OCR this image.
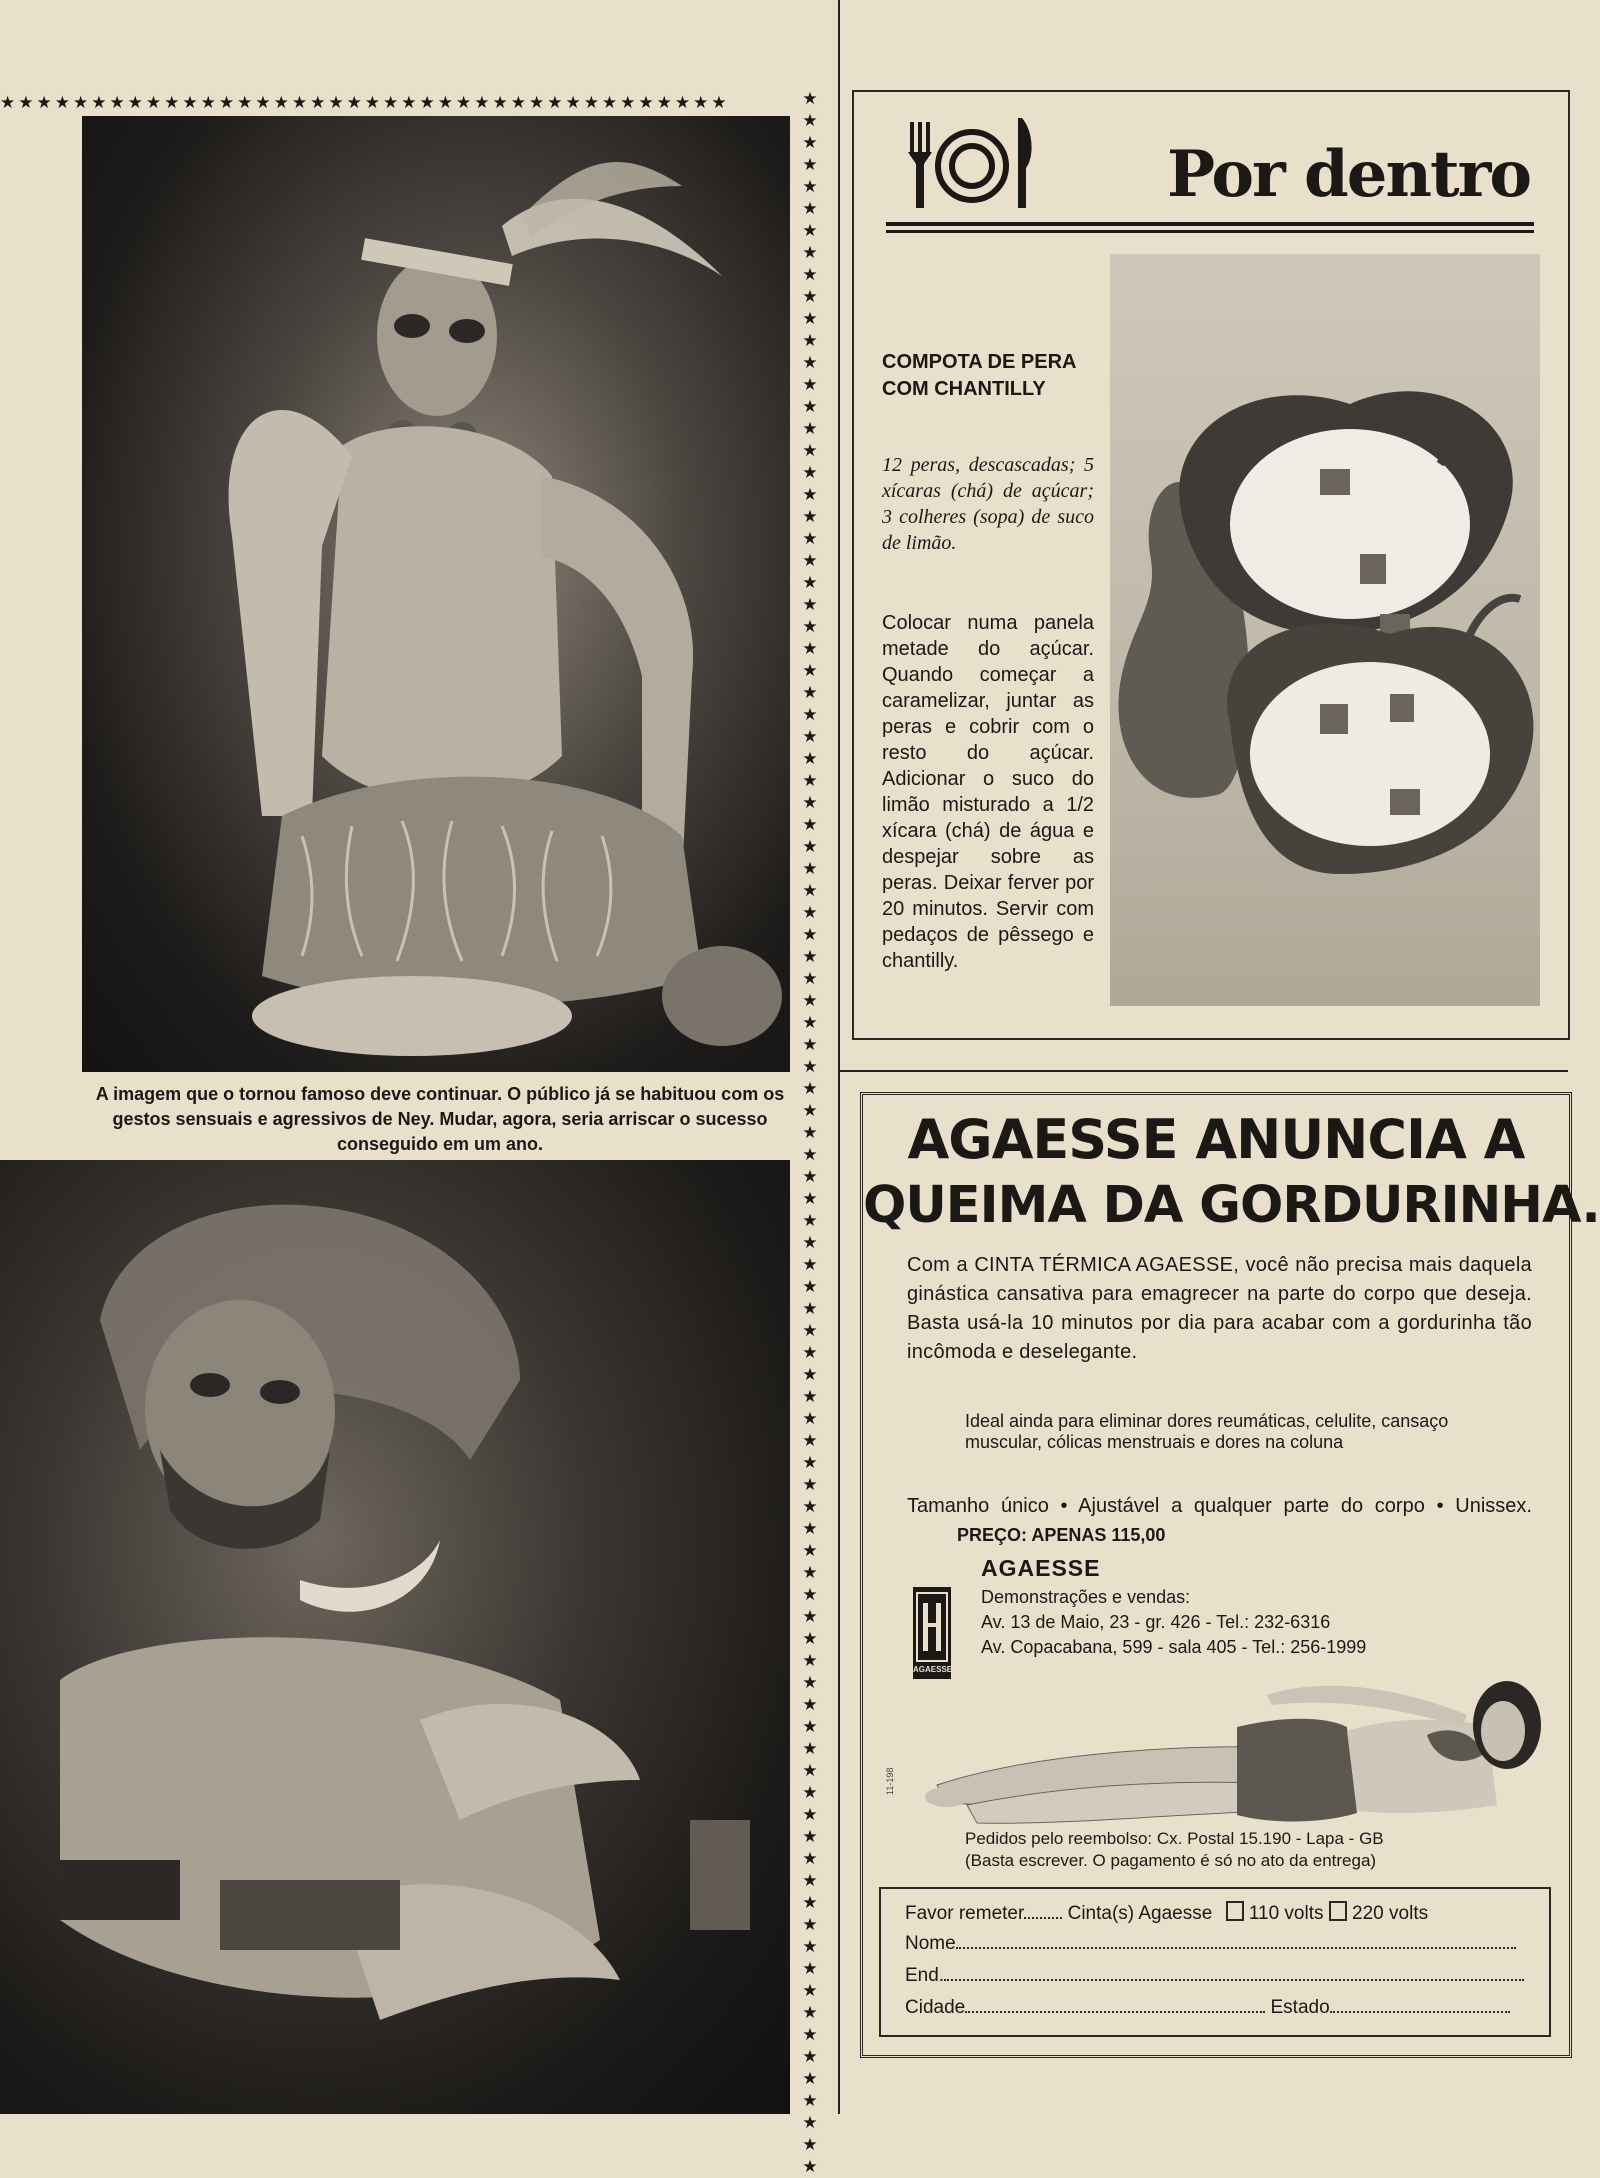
★★★★★★★★★★★★★★★★★★★★★★★★★★★★★★★★★★★★★★★★	★
★
★
★
★
★
★
★
★
★
★
★
★
★
★
★
★
★
★
★
★
★
★
★
★
★
★
★
★
★
★
★
★
★
★
★
★
★
★
★
★
★
★
★
★
★
★
★
★
★
★
★
★
★
★
★
★
★
★
★
★
★
★
★
★
★
★
★
★
★
★
★
★
★
★
★
★
★
★
★
★
★
★
★
★
★
★
★
★
★
★
★
★
★
★
A imagem que o tornou famoso deve continuar. O público já se habituou com os gestos sensuais e agressivos de Ney. Mudar, agora, seria arriscar o sucesso conseguido em um ano.
Por dentro
COMPOTA DE PERA COM CHANTILLY
12 peras, descascadas; 5 xícaras (chá) de açúcar; 3 colheres (sopa) de suco de limão.
Colocar numa panela metade do açúcar. Quando começar a caramelizar, juntar as peras e cobrir com o resto do açúcar. Adicionar o suco do limão misturado a 1/2 xícara (chá) de água e despejar sobre as peras. Deixar ferver por 20 minutos. Servir com pedaços de pêssego e chantilly.
AGAESSE ANUNCIA A
QUEIMA DA GORDURINHA.
Com a CINTA TÉRMICA AGAESSE, você não precisa mais daquela ginástica cansativa para emagrecer na parte do corpo que deseja. Basta usá-la 10 minutos por dia para acabar com a gordurinha tão incômoda e deselegante.
Ideal ainda para eliminar dores reumáticas, celulite, cansaço muscular, cólicas menstruais e dores na coluna
Tamanho único • Ajustável a qualquer parte do corpo • Unissex. PREÇO: APENAS 115,00
AGAESSE
AGAESSE
Demonstrações e vendas:
Av. 13 de Maio, 23 - gr. 426 - Tel.: 232-6316
Av. Copacabana, 599 - sala 405 - Tel.: 256-1999
11-198
Pedidos pelo reembolso: Cx. Postal 15.190 - Lapa - GB
(Basta escrever. O pagamento é só no ato da entrega)
Favor remeter Cinta(s) Agaesse 110 volts 220 volts
Nome
End.
Cidade	Estado
